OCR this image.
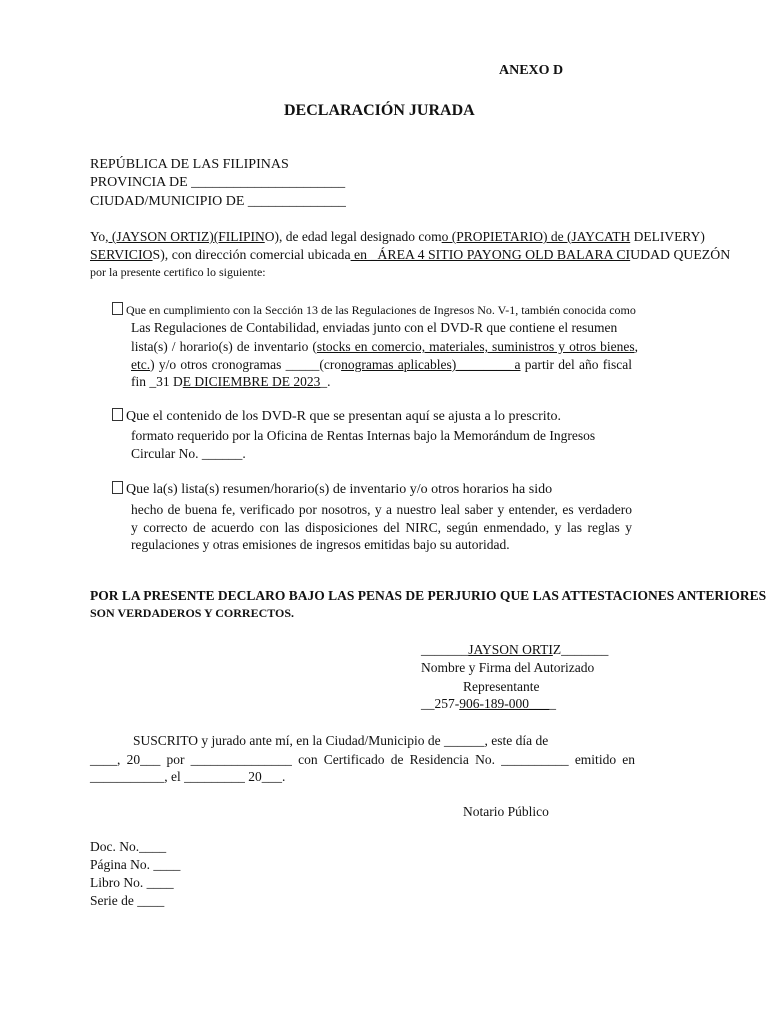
ANEXO D
DECLARACIÓN JURADA
REPÚBLICA DE LAS FILIPINAS
PROVINCIA DE ______________________
CIUDAD/MUNICIPIO DE ______________
Yo, (JAYSON ORTIZ)(FILIPINO), de edad legal designado como (PROPIETARIO) de (JAYCATH DELIVERY)
SERVICIOS), con dirección comercial ubicada en _ÁREA 4 SITIO PAYONG OLD BALARA CIUDAD QUEZÓN
por la presente certifico lo siguiente:
Que en cumplimiento con la Sección 13 de las Regulaciones de Ingresos No. V-1, también conocida como
Las Regulaciones de Contabilidad, enviadas junto con el DVD-R que contiene el resumen
lista(s) / horario(s) de inventario (stocks en comercio, materiales, suministros y otros bienes,
etc.) y/o otros cronogramas _____(cronogramas aplicables)________ a partir del año fiscal
fin _31 DE DICIEMBRE DE 2023_.
Que el contenido de los DVD-R que se presentan aquí se ajusta a lo prescrito.
formato requerido por la Oficina de Rentas Internas bajo la Memorándum de Ingresos
Circular No. ______.
Que la(s) lista(s) resumen/horario(s) de inventario y/o otros horarios ha sido
hecho de buena fe, verificado por nosotros, y a nuestro leal saber y entender, es verdadero
y correcto de acuerdo con las disposiciones del NIRC, según enmendado, y las reglas y
regulaciones y otras emisiones de ingresos emitidas bajo su autoridad.
POR LA PRESENTE DECLARO BAJO LAS PENAS DE PERJURIO QUE LAS ATTESTACIONES ANTERIORES
SON VERDADEROS Y CORRECTOS.
_______JAYSON ORTIZ_______
Nombre y Firma del Autorizado
Representante
__257-906-189-000____
SUSCRITO y jurado ante mí, en la Ciudad/Municipio de ______, este día de
____, 20___ por _______________ con Certificado de Residencia No. __________ emitido en
___________, el _________ 20___.
Notario Público
Doc. No.____
Página No. ____
Libro No. ____
Serie de ____
